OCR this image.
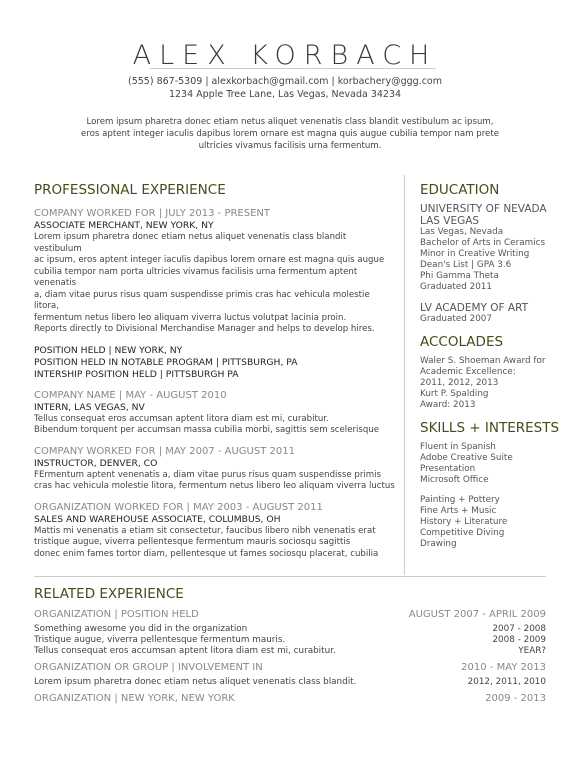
ALEX KORBACH
(555) 867-5309 | alexkorbach@gmail.com | korbachery@ggg.com
1234 Apple Tree Lane, Las Vegas, Nevada 34234
Lorem ipsum pharetra donec etiam netus aliquet venenatis class blandit vestibulum ac ipsum,
eros aptent integer iaculis dapibus lorem ornare est magna quis augue cubilia tempor nam prete
ultricies vivamus facilisis urna fermentum.
PROFESSIONAL EXPERIENCE
COMPANY WORKED FOR | JULY 2013 - PRESENT
ASSOCIATE MERCHANT, NEW YORK, NY
Lorem ipsum pharetra donec etiam netus aliquet venenatis class blandit vestibulum
ac ipsum, eros aptent integer iaculis dapibus lorem ornare est magna quis augue
cubilia tempor nam porta ultricies vivamus facilisis urna fermentum aptent venenatis
a, diam vitae purus risus quam suspendisse primis cras hac vehicula molestie litora,
fermentum netus libero leo aliquam viverra luctus volutpat lacinia proin.
Reports directly to Divisional Merchandise Manager and helps to develop hires.
POSITION HELD | NEW YORK, NY
POSITION HELD IN NOTABLE PROGRAM | PITTSBURGH, PA
INTERSHIP POSITION HELD | PITTSBURGH PA
COMPANY NAME | MAY - AUGUST 2010
INTERN, LAS VEGAS, NV
Tellus consequat eros accumsan aptent litora diam est mi, curabitur.
Bibendum torquent per accumsan massa cubilia morbi, sagittis sem scelerisque
COMPANY WORKED FOR | MAY 2007 - AUGUST 2011
INSTRUCTOR, DENVER, CO
FErmentum aptent venenatis a, diam vitae purus risus quam suspendisse primis
cras hac vehicula molestie litora, fermentum netus libero leo aliquam viverra luctus
ORGANIZATION WORKED FOR | MAY 2003 - AUGUST 2011
SALES AND WAREHOUSE ASSOCIATE, COLUMBUS, OH
Mattis mi venenatis a etiam sit consectetur, faucibus libero nibh venenatis erat
tristique augue, viverra pellentesque fermentum mauris sociosqu sagittis
donec enim fames tortor diam, pellentesque ut fames sociosqu placerat, cubilia
EDUCATION
UNIVERSITY OF NEVADA
LAS VEGAS
Las Vegas, Nevada
Bachelor of Arts in Ceramics
Minor in Creative Writing
Dean's List | GPA 3.6
Phi Gamma Theta
Graduated 2011
LV ACADEMY OF ART
Graduated 2007
ACCOLADES
Waler S. Shoeman Award for
Academic Excellence:
2011, 2012, 2013
Kurt P. Spalding
Award: 2013
SKILLS + INTERESTS
Fluent in Spanish
Adobe Creative Suite
Presentation
Microsoft Office
Painting + Pottery
Fine Arts + Music
History + Literature
Competitive Diving
Drawing
RELATED EXPERIENCE
ORGANIZATION | POSITION HELD	AUGUST 2007 - APRIL 2009
Something awesome you did in the organization	2007 - 2008
Tristique augue, viverra pellentesque fermentum mauris.	2008 - 2009
Tellus consequat eros accumsan aptent litora diam est mi, curabitur.	YEAR?
ORGANIZATION OR GROUP | INVOLVEMENT IN	2010 - MAY 2013
Lorem ipsum pharetra donec etiam netus aliquet venenatis class blandit.	2012, 2011, 2010
ORGANIZATION | NEW YORK, NEW YORK	2009 - 2013
